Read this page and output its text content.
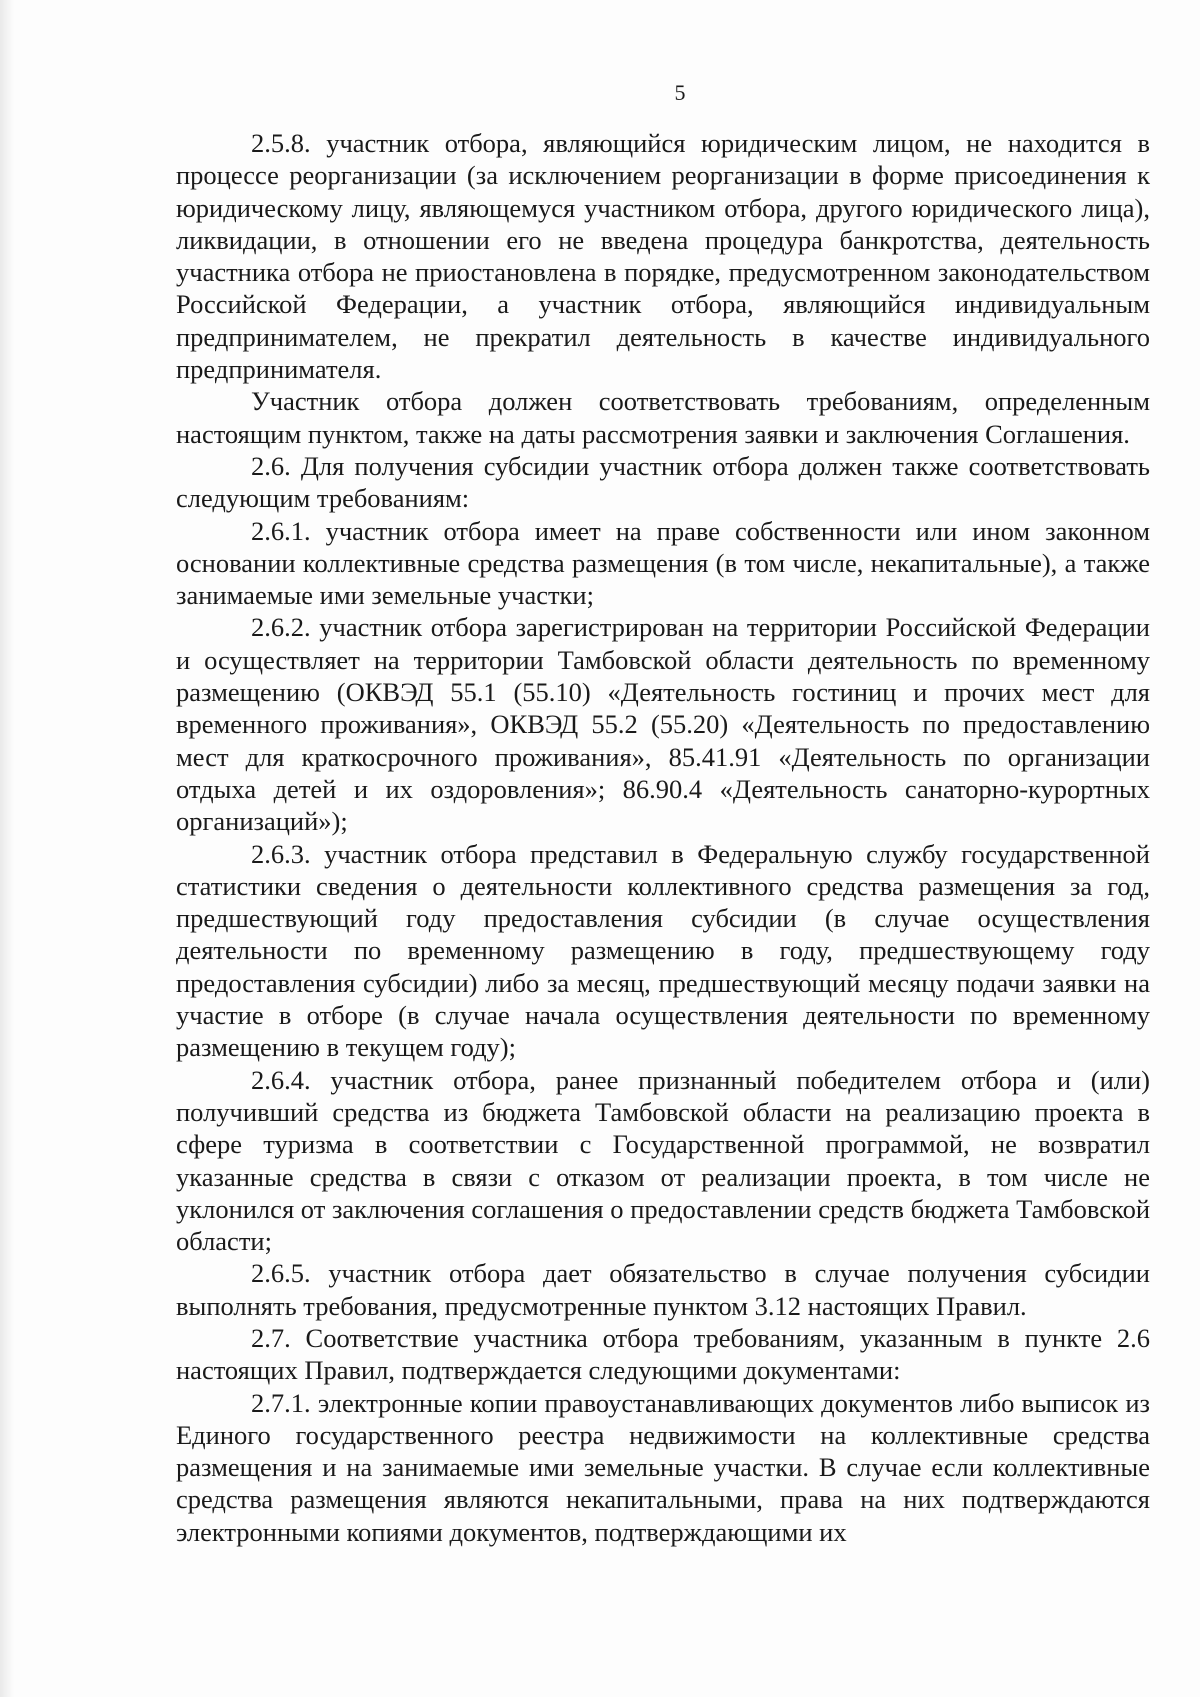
5

2.5.8. участник отбора, являющийся юридическим лицом, не находится в процессе реорганизации (за исключением реорганизации в форме присоединения к юридическому лицу, являющемуся участником отбора, другого юридического лица), ликвидации, в отношении его не введена процедура банкротства, деятельность участника отбора не приостановлена в порядке, предусмотренном законодательством Российской Федерации, а участник отбора, являющийся индивидуальным предпринимателем, не прекратил деятельность в качестве индивидуального предпринимателя.

Участник отбора должен соответствовать требованиям, определенным настоящим пунктом, также на даты рассмотрения заявки и заключения Соглашения.

2.6. Для получения субсидии участник отбора должен также соответствовать следующим требованиям:

2.6.1. участник отбора имеет на праве собственности или ином законном основании коллективные средства размещения (в том числе, некапитальные), а также занимаемые ими земельные участки;

2.6.2. участник отбора зарегистрирован на территории Российской Федерации и осуществляет на территории Тамбовской области деятельность по временному размещению (ОКВЭД 55.1 (55.10) «Деятельность гостиниц и прочих мест для временного проживания», ОКВЭД 55.2 (55.20) «Деятельность по предоставлению мест для краткосрочного проживания», 85.41.91 «Деятельность по организации отдыха детей и их оздоровления»; 86.90.4 «Деятельность санаторно-курортных организаций»);

2.6.3. участник отбора представил в Федеральную службу государственной статистики сведения о деятельности коллективного средства размещения за год, предшествующий году предоставления субсидии (в случае осуществления деятельности по временному размещению в году, предшествующему году предоставления субсидии) либо за месяц, предшествующий месяцу подачи заявки на участие в отборе (в случае начала осуществления деятельности по временному размещению в текущем году);

2.6.4. участник отбора, ранее признанный победителем отбора и (или) получивший средства из бюджета Тамбовской области на реализацию проекта в сфере туризма в соответствии с Государственной программой, не возвратил указанные средства в связи с отказом от реализации проекта, в том числе не уклонился от заключения соглашения о предоставлении средств бюджета Тамбовской области;

2.6.5. участник отбора дает обязательство в случае получения субсидии выполнять требования, предусмотренные пунктом 3.12 настоящих Правил.

2.7. Соответствие участника отбора требованиям, указанным в пункте 2.6 настоящих Правил, подтверждается следующими документами:

2.7.1. электронные копии правоустанавливающих документов либо выписок из Единого государственного реестра недвижимости на коллективные средства размещения и на занимаемые ими земельные участки. В случае если коллективные средства размещения являются некапитальными, права на них подтверждаются электронными копиями документов, подтверждающими их
